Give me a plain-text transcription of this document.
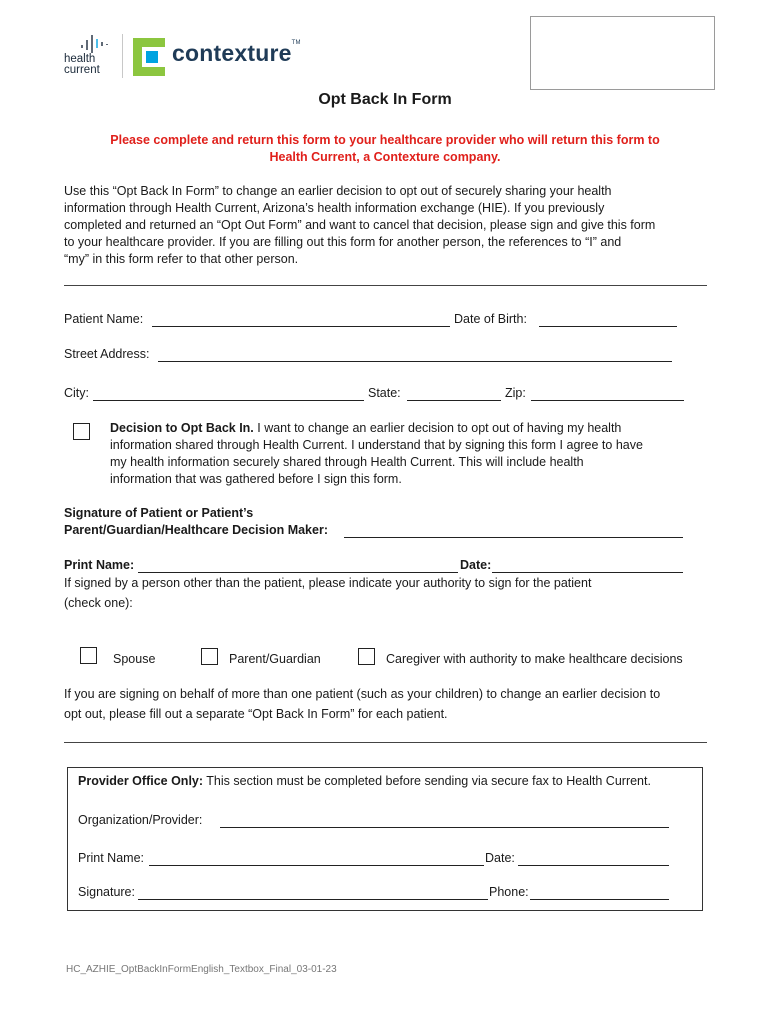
health
current
contexture™
Opt Back In Form
Please complete and return this form to your healthcare provider who will return this form to
Health Current, a Contexture company.
Use this “Opt Back In Form” to change an earlier decision to opt out of securely sharing your health
information through Health Current, Arizona’s health information exchange (HIE). If you previously
completed and returned an “Opt Out Form” and want to cancel that decision, please sign and give this form
to your healthcare provider. If you are filling out this form for another person, the references to “I” and
“my” in this form refer to that other person.
Patient Name:	Date of Birth:
Street Address:
City:	State:	Zip:
Decision to Opt Back In. I want to change an earlier decision to opt out of having my health
information shared through Health Current. I understand that by signing this form I agree to have
my health information securely shared through Health Current. This will include health
information that was gathered before I sign this form.
Signature of Patient or Patient’s
Parent/Guardian/Healthcare Decision Maker:
Print Name:	Date:
If signed by a person other than the patient, please indicate your authority to sign for the patient
(check one):
Spouse	Parent/Guardian	Caregiver with authority to make healthcare decisions
If you are signing on behalf of more than one patient (such as your children) to change an earlier decision to
opt out, please fill out a separate “Opt Back In Form” for each patient.
Provider Office Only: This section must be completed before sending via secure fax to Health Current.
Organization/Provider:
Print Name:	Date:
Signature:	Phone:
HC_AZHIE_OptBackInFormEnglish_Textbox_Final_03-01-23
